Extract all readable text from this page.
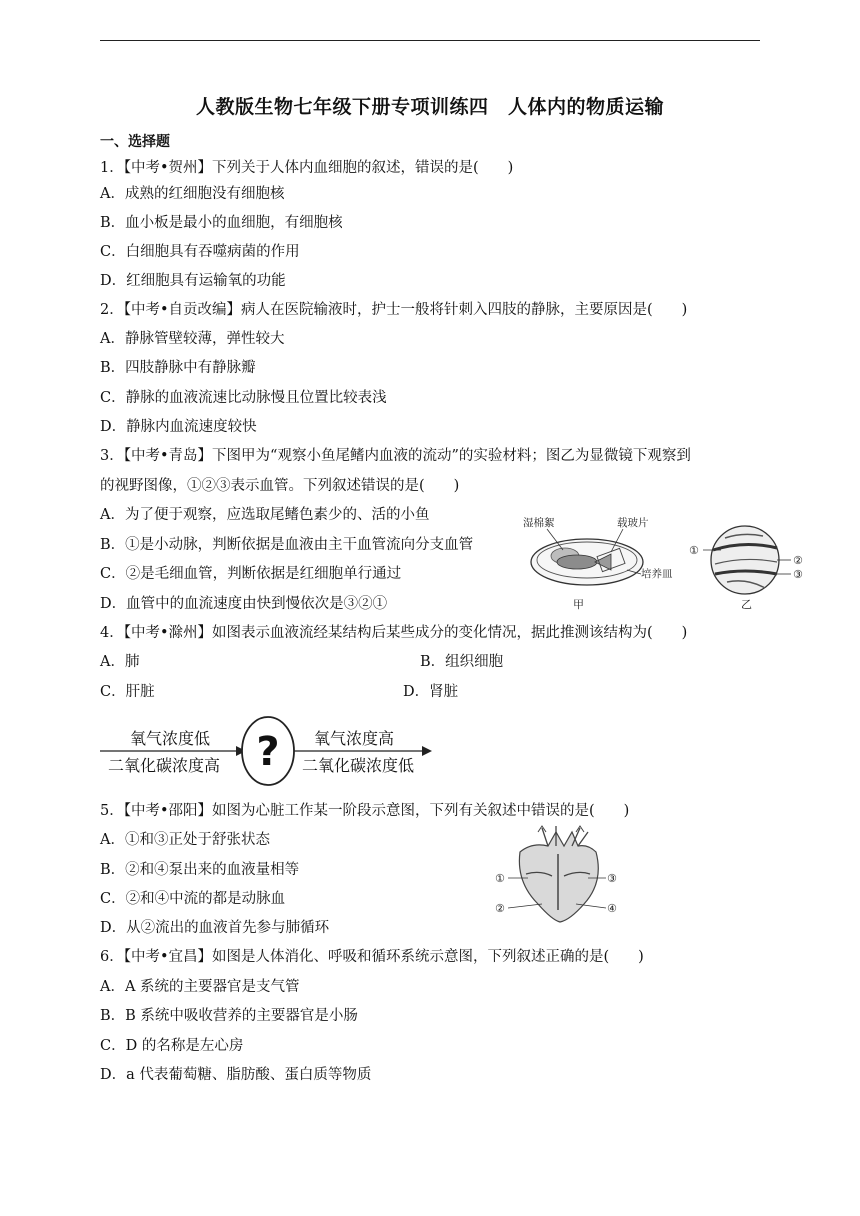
人教版生物七年级下册专项训练四　人体内的物质运输
一、选择题
1．【中考•贺州】下列关于人体内血细胞的叙述，错误的是(　　)
A．成熟的红细胞没有细胞核
B．血小板是最小的血细胞，有细胞核
C．白细胞具有吞噬病菌的作用
D．红细胞具有运输氧的功能
2．【中考•自贡改编】病人在医院输液时，护士一般将针刺入四肢的静脉，主要原因是(　　)
A．静脉管壁较薄，弹性较大
B．四肢静脉中有静脉瓣
C．静脉的血液流速比动脉慢且位置比较表浅
D．静脉内血流速度较快
3．【中考•青岛】下图甲为“观察小鱼尾鳍内血液的流动”的实验材料；图乙为显微镜下观察到
的视野图像，①②③表示血管。下列叙述错误的是(　　)
A．为了便于观察，应选取尾鳍色素少的、活的小鱼
B．①是小动脉，判断依据是血液由主干血管流向分支血管
C．②是毛细血管，判断依据是红细胞单行通过
D．血管中的血流速度由快到慢依次是③②①
湿棉絮	载玻片
培养皿
甲
①
②
③
乙
4．【中考•滁州】如图表示血液流经某结构后某些成分的变化情况，据此推测该结构为(　　)
A．肺	B．组织细胞
C．肝脏	D．肾脏
?
氧气浓度低
二氧化碳浓度高
氧气浓度高
二氧化碳浓度低
5．【中考•邵阳】如图为心脏工作某一阶段示意图，下列有关叙述中错误的是(　　)
A．①和③正处于舒张状态
B．②和④泵出来的血液量相等
C．②和④中流的都是动脉血
D．从②流出的血液首先参与肺循环
①	③
②	④
6．【中考•宜昌】如图是人体消化、呼吸和循环系统示意图，下列叙述正确的是(　　)
A．A 系统的主要器官是支气管
B．B 系统中吸收营养的主要器官是小肠
C．D 的名称是左心房
D．a 代表葡萄糖、脂肪酸、蛋白质等物质
